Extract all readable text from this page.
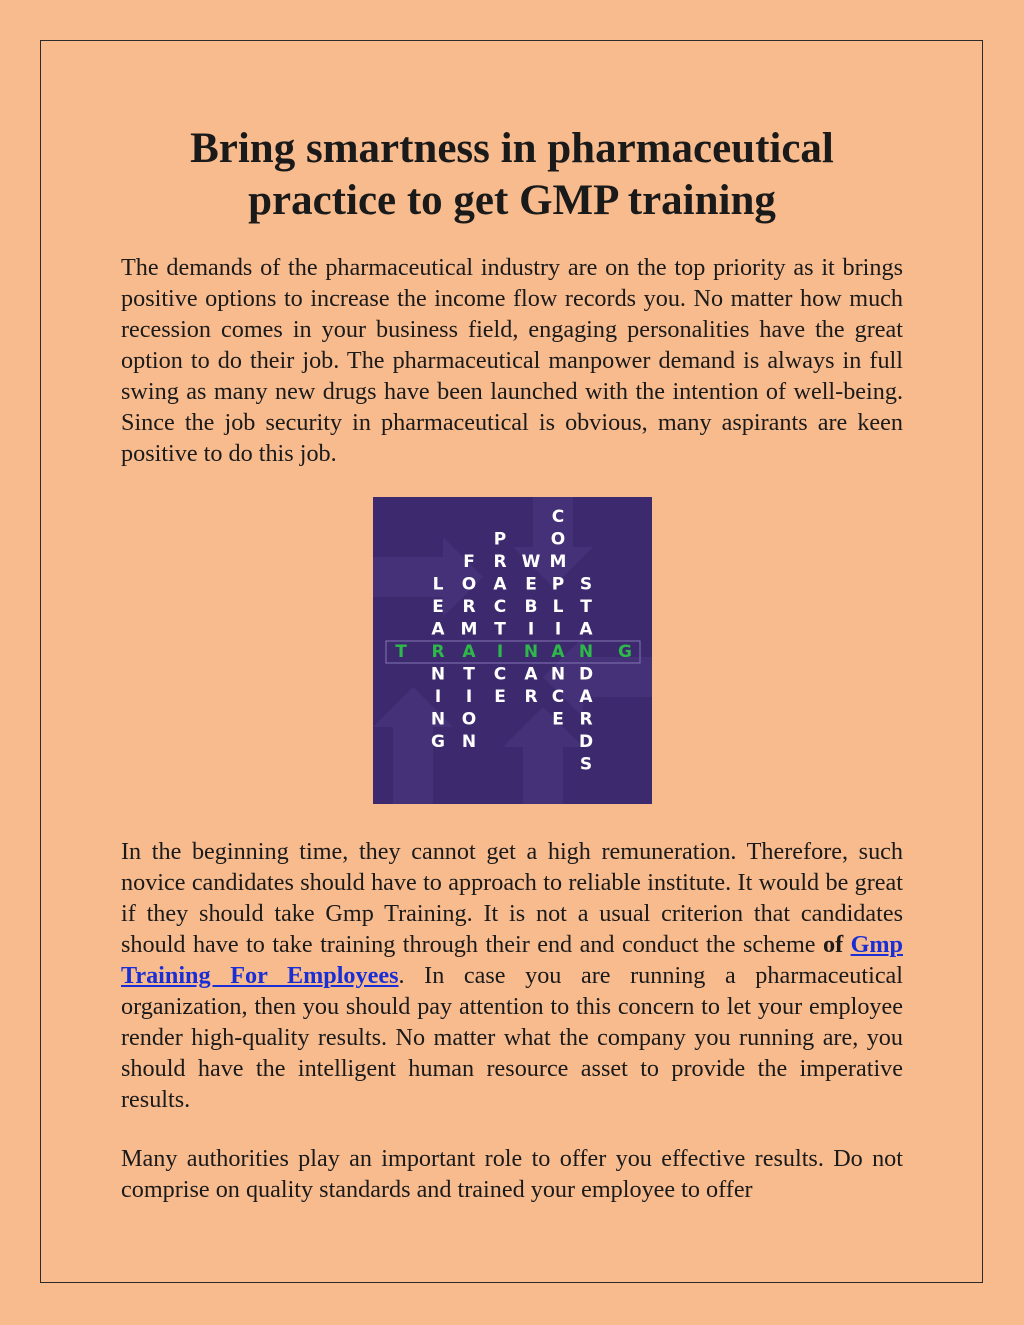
Bring smartness in pharmaceutical
practice to get GMP training

The demands of the pharmaceutical industry are on the top priority as it brings positive options to increase the income flow records you. No matter how much recession comes in your business field, engaging personalities have the great option to do their job. The pharmaceutical manpower demand is always in full swing as many new drugs have been launched with the intention of well-being. Since the job security in pharmaceutical is obvious, many aspirants are keen positive to do this job.

L
E
A
R
N
I
N
G
F
O
R
M
A
T
I
O
N
P
R
A
C
T
I
C
E
W
E
B
I
N
A
R
C
O
M
P
L
I
A
N
C
E
S
T
A
N
D
A
R
D
S
T	G

In the beginning time, they cannot get a high remuneration. Therefore, such novice candidates should have to approach to reliable institute. It would be great if they should take Gmp Training. It is not a usual criterion that candidates should have to take training through their end and conduct the scheme of Gmp Training For Employees. In case you are running a pharmaceutical organization, then you should pay attention to this concern to let your employee render high-quality results. No matter what the company you running are, you should have the intelligent human resource asset to provide the imperative results.

Many authorities play an important role to offer you effective results. Do not comprise on quality standards and trained your employee to offer
